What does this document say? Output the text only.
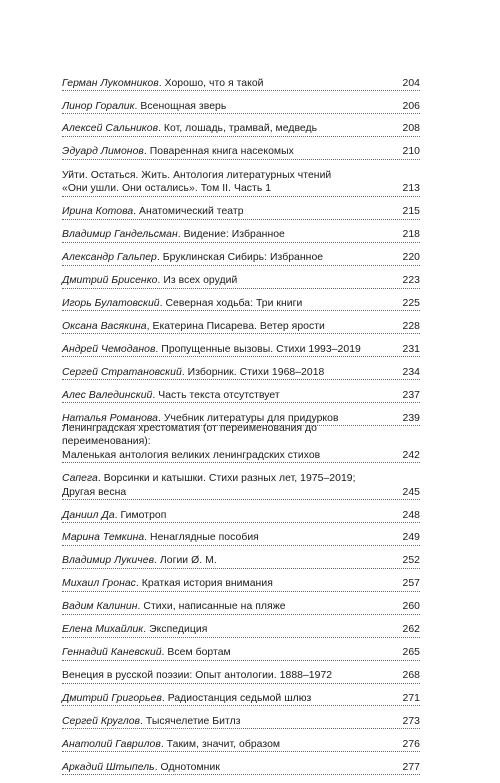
Герман Лукомников. Хорошо, что я такой	204
Линор Горалик. Всенощная зверь	206
Алексей Сальников. Кот, лошадь, трамвай, медведь	208
Эдуард Лимонов. Поваренная книга насекомых	210
Уйти. Остаться. Жить. Антология литературных чтений
«Они ушли. Они остались». Том II. Часть 1	213
Ирина Котова. Анатомический театр	215
Владимир Гандельсман. Видение: Избранное	218
Александр Гальпер. Бруклинская Сибирь: Избранное	220
Дмитрий Брисенко. Из всех орудий	223
Игорь Булатовский. Северная ходьба: Три книги	225
Оксана Васякина, Екатерина Писарева. Ветер ярости	228
Андрей Чемоданов. Пропущенные вызовы. Стихи 1993–2019	231
Сергей Стратановский. Изборник. Стихи 1968–2018	234
Алес Валединский. Часть текста отсутствует	237
Наталья Романова. Учебник литературы для придурков	239
Ленинградская хрестоматия (от переименования до переименования):
Маленькая антология великих ленинградских стихов	242
Сапега. Ворсинки и катышки. Стихи разных лет, 1975–2019;
Другая весна	245
Даниил Да. Гимотроп	248
Марина Темкина. Ненаглядные пособия	249
Владимир Лукичев. Логии Ø. М.	252
Михаил Гронас. Краткая история внимания	257
Вадим Калинин. Стихи, написанные на пляже	260
Елена Михайлик. Экспедиция	262
Геннадий Каневский. Всем бортам	265
Венеция в русской поэзии: Опыт антологии. 1888–1972	268
Дмитрий Григорьев. Радиостанция седьмой шлюз	271
Сергей Круглов. Тысячелетие Битлз	273
Анатолий Гаврилов. Таким, значит, образом	276
Аркадий Штыпель. Однотомник	277
